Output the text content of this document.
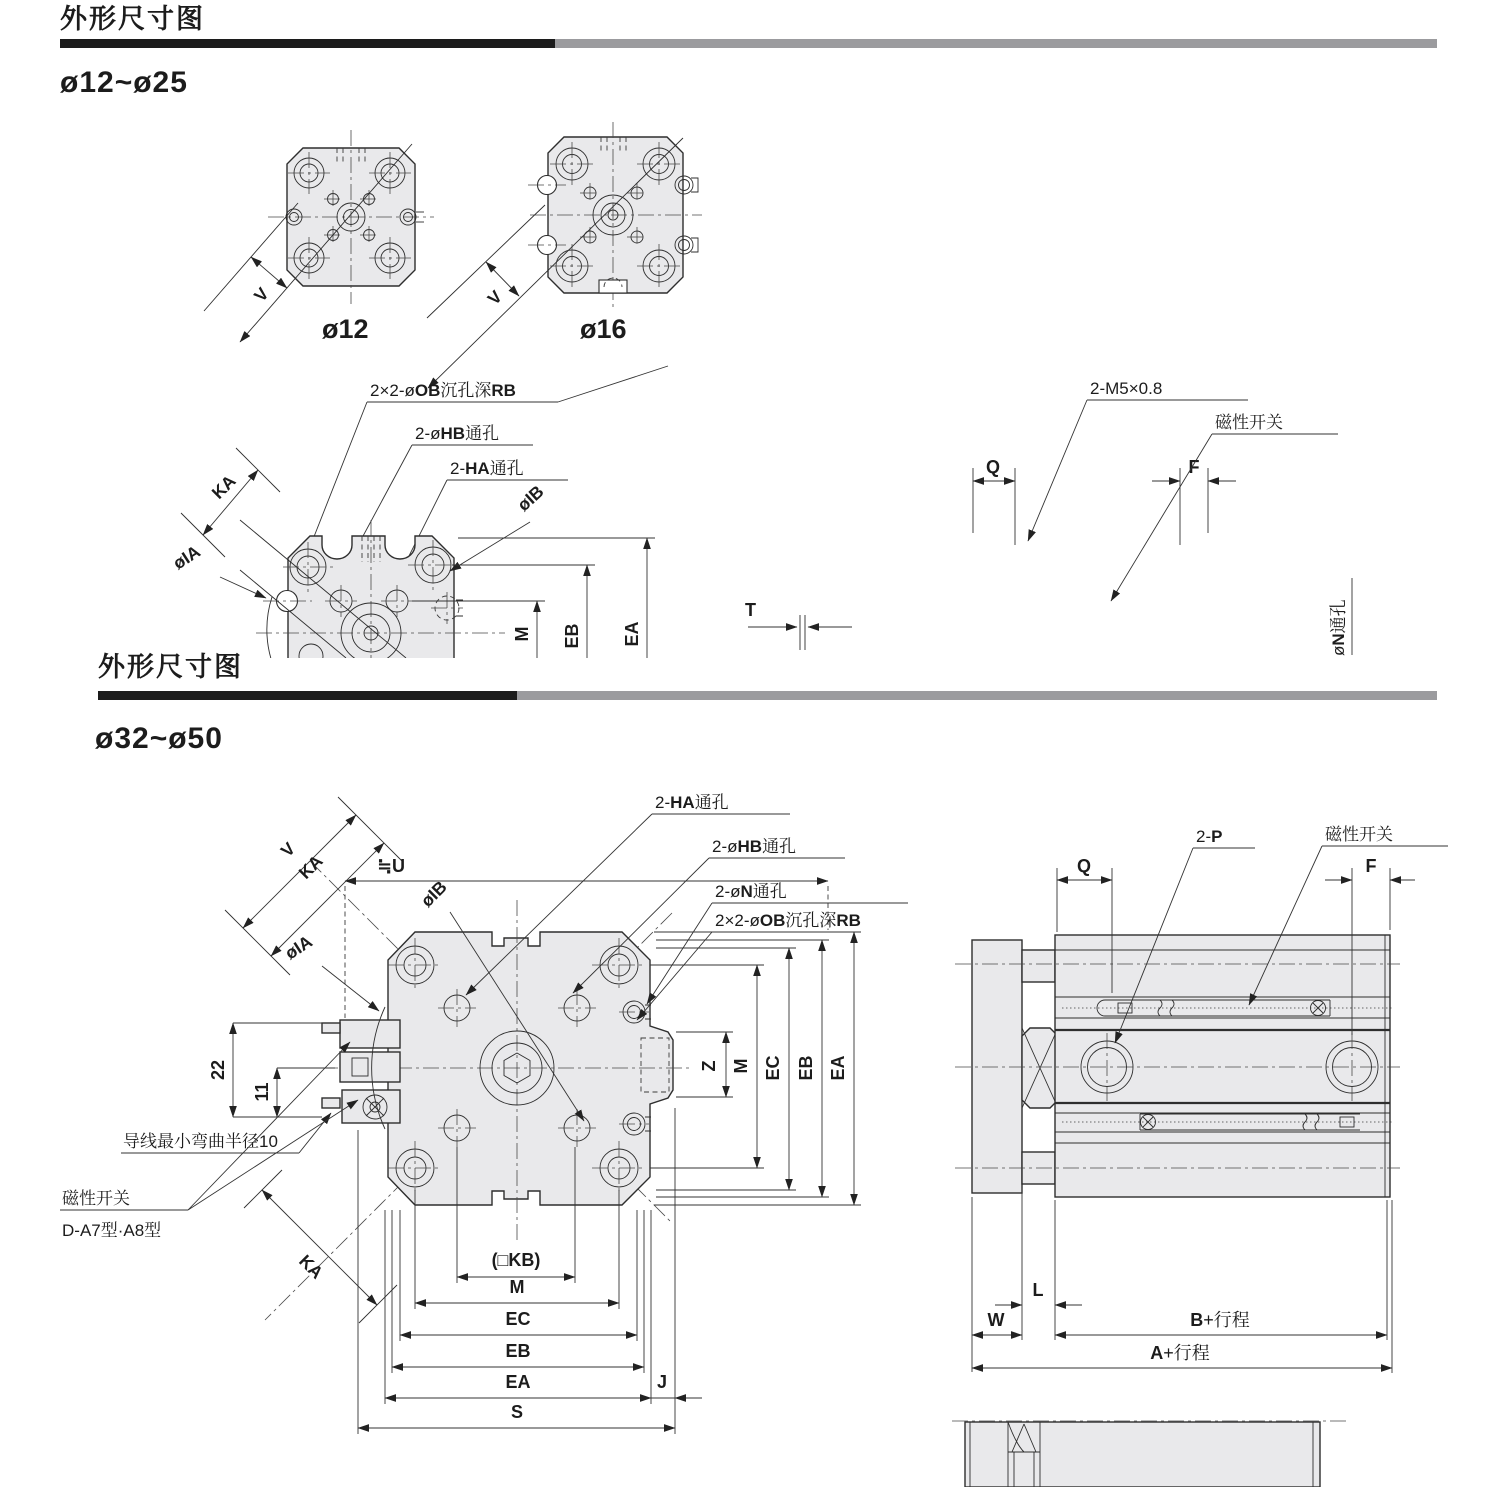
外形尺寸图
ø12~ø25
外形尺寸图
ø32~ø50
V
ø12
V
ø16
2×2-øOB沉孔深RB
2-øHB通孔
2-HA通孔
KA
øIA
øIB
M EB EA
T
Q	F
2-M5×0.8
磁性开关
øN通孔
V
KA	≒U
øIB
øIA
22
11
导线最小弯曲半径10
磁性开关
D-A7型·A8型
KA
2-HA通孔
2-øHB通孔
2-øN通孔
2×2-øOB沉孔深RB
Z M EC EB EA
(□KB)
M
EC
EB
EA	J
S
Q	F
2-P	磁性开关
L
W	B+行程
A+行程
